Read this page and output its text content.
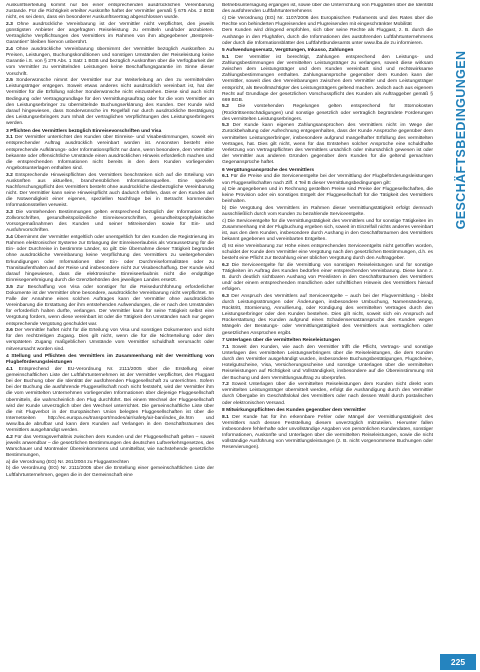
Auskunftserteilung kommt nur bei einer entsprechenden ausdrücklichen Vereinbarung zustande. Für die Richtigkeit erteilter Auskünfte haftet der Vermittler gemäß § 675 Abs. 2 BGB nicht, es sei denn, dass ein besonderer Auskunftsvertrag abgeschlossen wurde.

2.3 Ohne ausdrückliche Vereinbarung ist der Vermittler nicht verpflichtet, den jeweils günstigsten Anbieter der angefragten Reiseleistung zu ermitteln und/oder anzubieten. Vertragliche Verpflichtungen des Vermittlers im Rahmen von ihm abgegebener „Bestpreis-Garantien“ bleiben hiervon unberührt.

2.4 Ohne ausdrückliche Vereinbarung übernimmt der Vermittler bezüglich Auskünften zu Preisen, Leistungen, Buchungskonditionen und sonstigen Umständen der Reiseleistung keine Garantie i.S. von § 276 Abs. 1 Satz 1 BGB und bezüglich Auskünften über die Verfügbarkeit der vom Vermittler zu vermittelnden Leistungen keine Beschaffungsgarantie im Sinne dieser Vorschrift.

2.5 Sonderwünsche nimmt der Vermittler nur zur Weiterleitung an den zu vermittelnden Leistungsträger entgegen. Soweit etwas anderes nicht ausdrücklich vereinbart ist, hat der Vermittler für die Erfüllung solcher Sonderwünsche nicht einzustehen. Diese sind auch nicht Bedingung oder Vertragsgrundlage für den Vermittlungsauftrag oder für die vom Vermittler an den Leistungserbringer zu übermittelnde Buchungserklärung des Kunden. Der Kunde wird darauf hingewiesen, dass Sonderwünsche im Regelfall nur durch ausdrückliche Bestätigung des Leistungserbringers zum Inhalt der vertraglichen Verpflichtungen des Leistungserbringers werden.

3 Pflichten des Vermittlers bezüglich Einreisevorschriften und Visa

3.1 Der Vermittler unterrichtet den Kunden über Einreise- und Visabestimmungen, soweit ein entsprechender Auftrag ausdrücklich vereinbart worden ist. Ansonsten besteht eine entsprechende Aufklärungs- oder Informationspflicht nur dann, wenn besondere, dem Vermittler bekannte oder offensichtliche Umstände einen ausdrücklichen Hinweis erforderlich machen und die entsprechenden Informationen nicht bereits in den dem Kunden vorliegenden Angebotsunterlagen enthalten sind.

3.2 Entsprechende Hinweispflichten des Vermittlers beschränken sich auf die Erteilung von Auskünften aus aktuellen, branchenüblichen Informationsquellen. Eine spezielle Nachforschungspflicht des Vermittlers besteht ohne ausdrückliche diesbezügliche Vereinbarung nicht. Der Vermittler kann seine Hinweispflicht auch dadurch erfüllen, dass er den Kunden auf die Notwendigkeit einer eigenen, speziellen Nachfrage bei in Betracht kommenden Informationsstellen verweist.

3.3 Die vorstehenden Bestimmungen gelten entsprechend bezüglich der Information über Zollvorschriften, gesundheitspolizeiliche Einreisevorschriften, gesundheitsprophylaktische Vorsorgemaßnahmen des Kunden und seiner Mitreisenden sowie für Ein- und Ausfuhrvorschriften.

3.4 Übernimmt der Vermittler entgeltlich oder unentgeltlich für den Kunden die Registrierung im Rahmen elektronischer Systeme zur Erlangung der Einreiseerlaubnis als Voraussetzung für die Ein- oder Durchreise in bestimmte Länder, so gilt: Die Übernahme dieser Tätigkeit begründet ohne ausdrückliche Vereinbarung keine Verpflichtung des Vermittlers zu weitergehenden Erkundigungen oder Informationen über Ein- oder Durchreiseformalitäten oder zu Transitaufenthalten auf der Reise und insbesondere nicht zur Visabeschaffung. Der Kunde wird darauf hingewiesen, dass die elektronische Einreiseerlaubnis nicht die endgültige Einreisegenehmigung durch die Grenzbehörden des jeweiligen Landes ersetzt.

3.5 Zur Beschaffung von Visa oder sonstiger für die Reisedurchführung erforderlicher Dokumente ist der Vermittler ohne besondere, ausdrückliche Vereinbarung nicht verpflichtet. Im Falle der Annahme eines solchen Auftrages kann der Vermittler ohne ausdrückliche Vereinbarung die Erstattung der ihm entstehenden Aufwendungen, die er nach den Umständen für erforderlich halten durfte, verlangen. Der Vermittler kann für seine Tätigkeit selbst eine Vergütung fordern, wenn diese vereinbart ist oder die Tätigkeit den Umständen nach nur gegen entsprechende Vergütung geschuldet war.

3.6 Der Vermittler haftet nicht für die Erteilung von Visa und sonstigen Dokumenten und nicht für den rechtzeitigen Zugang. Dies gilt nicht, wenn die für die Nichterteilung oder den verspäteten Zugang maßgeblichen Umstände vom Vermittler schuldhaft verursacht oder mitverursacht worden sind.

4 Stellung und Pflichten des Vermittlers im Zusammenhang mit der Vermittlung von Flugbeförderungsleistungen

4.1 Entsprechend der EU-Verordnung Nr. 2111/2005 über die Erstellung einer gemeinschaftlichen Liste der Luftfahrtunternehmen ist der Vermittler verpflichtet, den Fluggast bei der Buchung über die Identität der ausführenden Fluggesellschaft zu unterrichten. Sofern bei der Buchung die ausführende Fluggesellschaft noch nicht feststeht, wird der Vermittler ihm die vom vermittelten Unternehmen vorliegenden Informationen über diejenige Fluggesellschaft übermitteln, die wahrscheinlich den Flug durchführt. Bei einem Wechsel der Fluggesellschaft wird der Kunde unverzüglich über den Wechsel unterrichtet. Die gemeinschaftliche Liste über die mit Flugverbot in der Europäischen Union belegten Fluggesellschaften ist über die Internetseiten http://ec.europa.eu/transport/modes/air/safety/air-ban/index_de.htm und www.lba.de abrufbar und kann dem Kunden auf Verlangen in den Geschäftsräumen des Vermittlers ausgehändigt werden.

4.2 Für das Vertragsverhältnis zwischen dem Kunden und der Fluggesellschaft gelten – soweit jeweils anwendbar – die gesetzlichen Bestimmungen des deutschen Luftverkehrsgesetzes, des Warschauer und Montrealer Übereinkommens und unmittelbar, wie nachstehende gesetzliche Bestimmungen,

a) die Verordnung (EG) Nr. 261/2004 zu Fluggastrechten

b) die Verordnung (EG) Nr. 2111/2005 über die Erstellung einer gemeinschaftlichen Liste der Luftfahrtunternehmen, gegen die in der Gemeinschaft eine

Betriebsuntersagung ergangen ist, sowie über die Unterrichtung von Fluggästen über die Identität des ausführenden Luftfahrtunternehmens

c) Die Verordnung (EG) Nr. 1107/2006 des Europäischen Parlaments und des Rates über die Rechte von behinderten Flugreisenden und Flugreisenden mit eingeschränkter Mobilität

Dem Kunden wird dringend empfohlen, sich über seine Rechte als Fluggast, z. B. durch die Aushänge in den Flughäfen, durch die Informationen des austührenden Luftfahrtunternehmens oder durch die Informationsblätter des Luftfahrtbundesamts unter www.lba.de zu informieren.

5 Aufwendungsersatz, Vergütungen, Inkasso, Zahlungen

5.1 Der Vermittler ist berechtigt, Zahlungen entsprechend den Leistungs- und Zahlungsbestimmungen der vermittelten Leistungsträger zu verlangen, soweit diese wirksam zwischen dem Leistungsträger und dem Kunden vereinbart sind und rechtswirksame Zahlungsbestimmungen enthalten. Zahlungsansprüche gegenüber dem Kunden kann der Vermittler, soweit dies den Vereinbarungen zwischen dem Vermittler und dem Leistungsträger entspricht, als Bevollmächtigter des Leistungsträgers geltend machen. Jedoch auch aus eigenem Recht auf Grundlage der gesetzlichen Vorschusspflicht des Kunden als Auftraggeber gemäß § 669 BGB.

5.2 Die vorstehenden Regelungen gelten entsprechend für Stornokosten (Rücktrittsentschädigungen) und sonstige gesetzlich oder vertraglich begründete Forderungen des vermittelten Leistungserbringers.

5.3 Der Kunde kann eigenen Zahlungsansprüchen des Vermittlers nicht im Wege der Zurückbehaltung oder Aufrechnung entgegenhalten, dass der Kunde Ansprüche gegenüber dem vermittelten Leistungserbringer, insbesondere aufgrund mangelhafter Erfüllung des vermittelten Vertrages, hat. Dies gilt nicht, wenn für das Entstehen solcher Ansprüche eine schuldhafte Verletzung von Vertragspflichten des Vermittlers ursächlich oder mitursächlich gewesen ist oder der Vermittler aus anderen Gründen gegenüber dem Kunden für die geltend gemachten Gegenansprüche haftet.

6 Vergütungsansprüche des Vermittlers

6.1 Für die Preise und die Servicenentgelte bei der Vermittlung der Flugbeförderungsleistungen von Fluggesellschaften nach Ziff. 4 Teil B dieser Vermittlungsbedingungen gilt:

a) Die angegebenen und in Rechnung gestellten Preise sind Preise der Fluggesellschaften, die keine Provision oder ein sonstiges Entgelt der Fluggesellschaft für die Tätigkeit des Vermittlers beinhalten.

b) Die Vergütung des Vermittlers im Rahmen dieser Vermittlungstätigkeit erfolgt demnach ausschließlich durch vom Kunden zu bezahlende Serviceentgelte.

c) Die Serviceentgelte für die Vermittlungstätigkeit des Vermittlers und für sonstige Tätigkeiten im Zusammenhang mit der Flugbuchung ergeben sich, soweit im Einzelfall nichts anderes vereinbart ist, aus den dem Kunden, insbesondere durch Aushang in den Geschäftsräumen des Vermittlers bekannt gegebenen und vereinbarten Entgelten.

d) Ist eine Vereinbarung zur Höhe eines entsprechenden Serviceentgelts nicht getroffen worden, schuldet der Kunde dem Vermittler eine Vergütung nach den gesetzlichen Bestimmungen, d.h. es besteht eine Pflicht zur Bezahlung einer üblichen Vergütung durch den Auftraggeber.

6.2 Die Serviceentgelte für die Vermittlung von sonstigen Reiseleistungen und für sonstige Tätigkeiten im Auftrag des Kunden bedürfen einer entsprechenden Vereinbarung. Diese kann z. B. durch deutlich sichtbaren Aushang von Preislisten in den Geschäftsräumen des Vermittlers und/ oder einem entsprechenden mündlichen oder schriftlichen Hinweis des Vermittlers hierauf erfolgen.

6.3 Der Anspruch des Vermittlers auf Serviceentgelte – auch bei der Flugvermittlung - bleibt durch Leistungsstörungen oder Änderungen, insbesondere Umbuchung, Namensänderung, Rücktritt, Stornierung, Annullierung, oder Kündigung des vermittelten Vertrages durch den Leistungserbringer oder den Kunden bestehen. Dies gilt nicht, soweit sich ein Anspruch auf Rückerstattung des Kunden aufgrund eines Schadensersatzanspruchs des Kunden wegen Mängeln der Beratungs- oder Vermittlungstätigkeit des Vermittlers aus vertraglichen oder gesetzlichen Ansprüchen ergibt.

7 Unterlagen über die vermittelten Reiseleistungen

7.1 Soweit den Kunden, wie auch den Vermittler trifft die Pflicht, Vertrags- und sonstige Unterlagen des vermittelten Leistungserbringers über die Reiseleistungen, die dem Kunden durch den Vermittler ausgehändigt wurden, insbesondere Buchungsbestätigungen, Flugscheine, Hotelgutscheine, Visa, Versicherungsscheine und sonstige Unterlagen über die vermittelten Reiseleistungen auf Richtigkeit und Vollständigkeit, insbesondere auf die Übereinstimmung mit der Buchung und dem Vermittlungsauftrag zu überprüfen.

7.2 Soweit Unterlagen über die vermittelten Reiseleistungen dem Kunden nicht direkt vom vermittelten Leistungsträger übermittelt werden, erfolgt die Aushändigung durch den Vermittler durch Übergabe im Geschäftslokal des Vermittlers oder nach dessen Wahl durch postalischen oder elektronischen Versand.

8 Mitwirkungspflichten des Kunden gegenüber dem Vermittler

8.1 Der Kunde hat für ihn erkennbare Fehler oder Mängel der Vermittlungstätigkeit des Vermittlers nach dessen Feststellung diesem unverzüglich mitzuteilen. Hierunter fallen insbesondere fehlerhafte oder unvollständige Angaben von persönlichen Kundendaten, sonstiger Informationen, Auskünfte und Unterlagen über die vermittelten Reiseleistungen, sowie die nicht vollständige Ausführung von Vermittlungsleistungen (z. B. nicht vorgenommene Buchungen oder Reservierungen).

GESCHÄFTSBEDINGUNGEN
225
